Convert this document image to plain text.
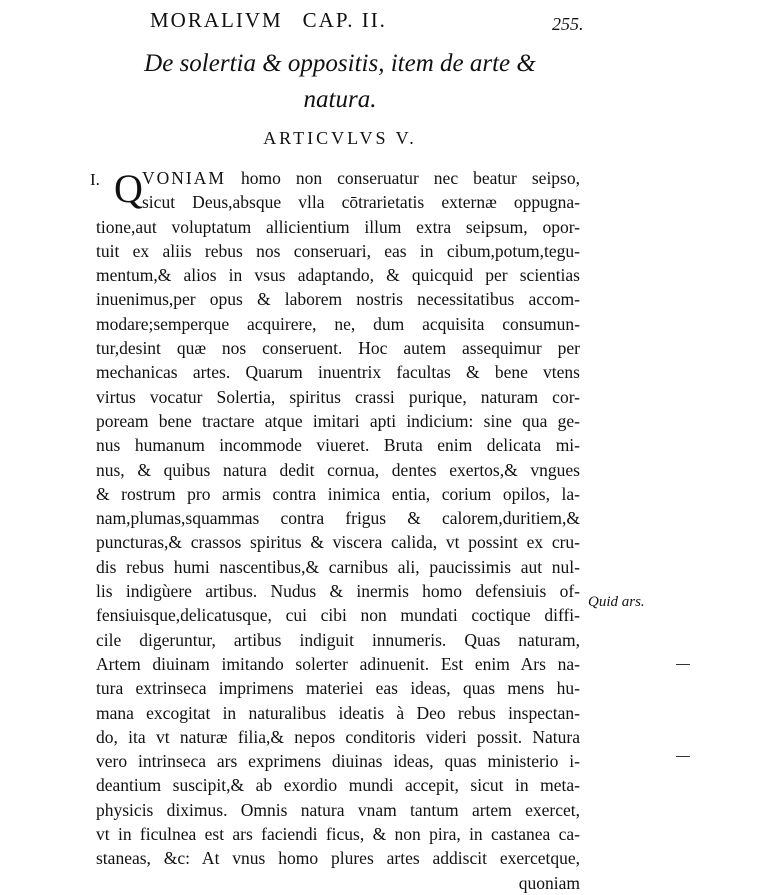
MORALIVM CAP. II.	255.
De solertia & oppositis, item de arte &
natura.
ARTICVLVS V.
I. Q VONIAM homo non conseruatur nec beatur seipso,
sicut Deus,absque vlla cōtrarietatis externæ oppugna-
tione,aut voluptatum allicientium illum extra seipsum, opor-
tuit ex aliis rebus nos conseruari, eas in cibum,potum,tegu-
mentum,& alios in vsus adaptando, & quicquid per scientias
inuenimus,per opus & laborem nostris necessitatibus accom-
modare;semperque acquirere, ne, dum acquisita consumun-
tur,desint quæ nos conseruent. Hoc autem assequimur per
mechanicas artes. Quarum inuentrix facultas & bene vtens
virtus vocatur Solertia, spiritus crassi purique, naturam cor-
poream bene tractare atque imitari apti indicium: sine qua ge-
nus humanum incommode viueret. Bruta enim delicata mi-
nus, & quibus natura dedit cornua, dentes exertos,& vngues
& rostrum pro armis contra inimica entia, corium opilos, la-
nam,plumas,squammas contra frigus & calorem,duritiem,&
puncturas,& crassos spiritus & viscera calida, vt possint ex cru-
dis rebus humi nascentibus,& carnibus ali, paucissimis aut nul-
lis indigùere artibus. Nudus & inermis homo defensiuis of-
fensiuisque,delicatusque, cui cibi non mundati coctique diffi-
cile digeruntur, artibus indiguit innumeris. Quas naturam,
Artem diuinam imitando solerter adinuenit. Est enim Ars na-
tura extrinseca imprimens materiei eas ideas, quas mens hu-
mana excogitat in naturalibus ideatis à Deo rebus inspectan-
do, ita vt naturæ filia,& nepos conditoris videri possit. Natura
vero intrinseca ars exprimens diuinas ideas, quas ministerio i-
deantium suscipit,& ab exordio mundi accepit, sicut in meta-
physicis diximus. Omnis natura vnam tantum artem exercet,
vt in ficulnea est ars faciendi ficus, & non pira, in castanea ca-
staneas, &c: At vnus homo plures artes addiscit exercetque,
quoniam
Quid ars.
